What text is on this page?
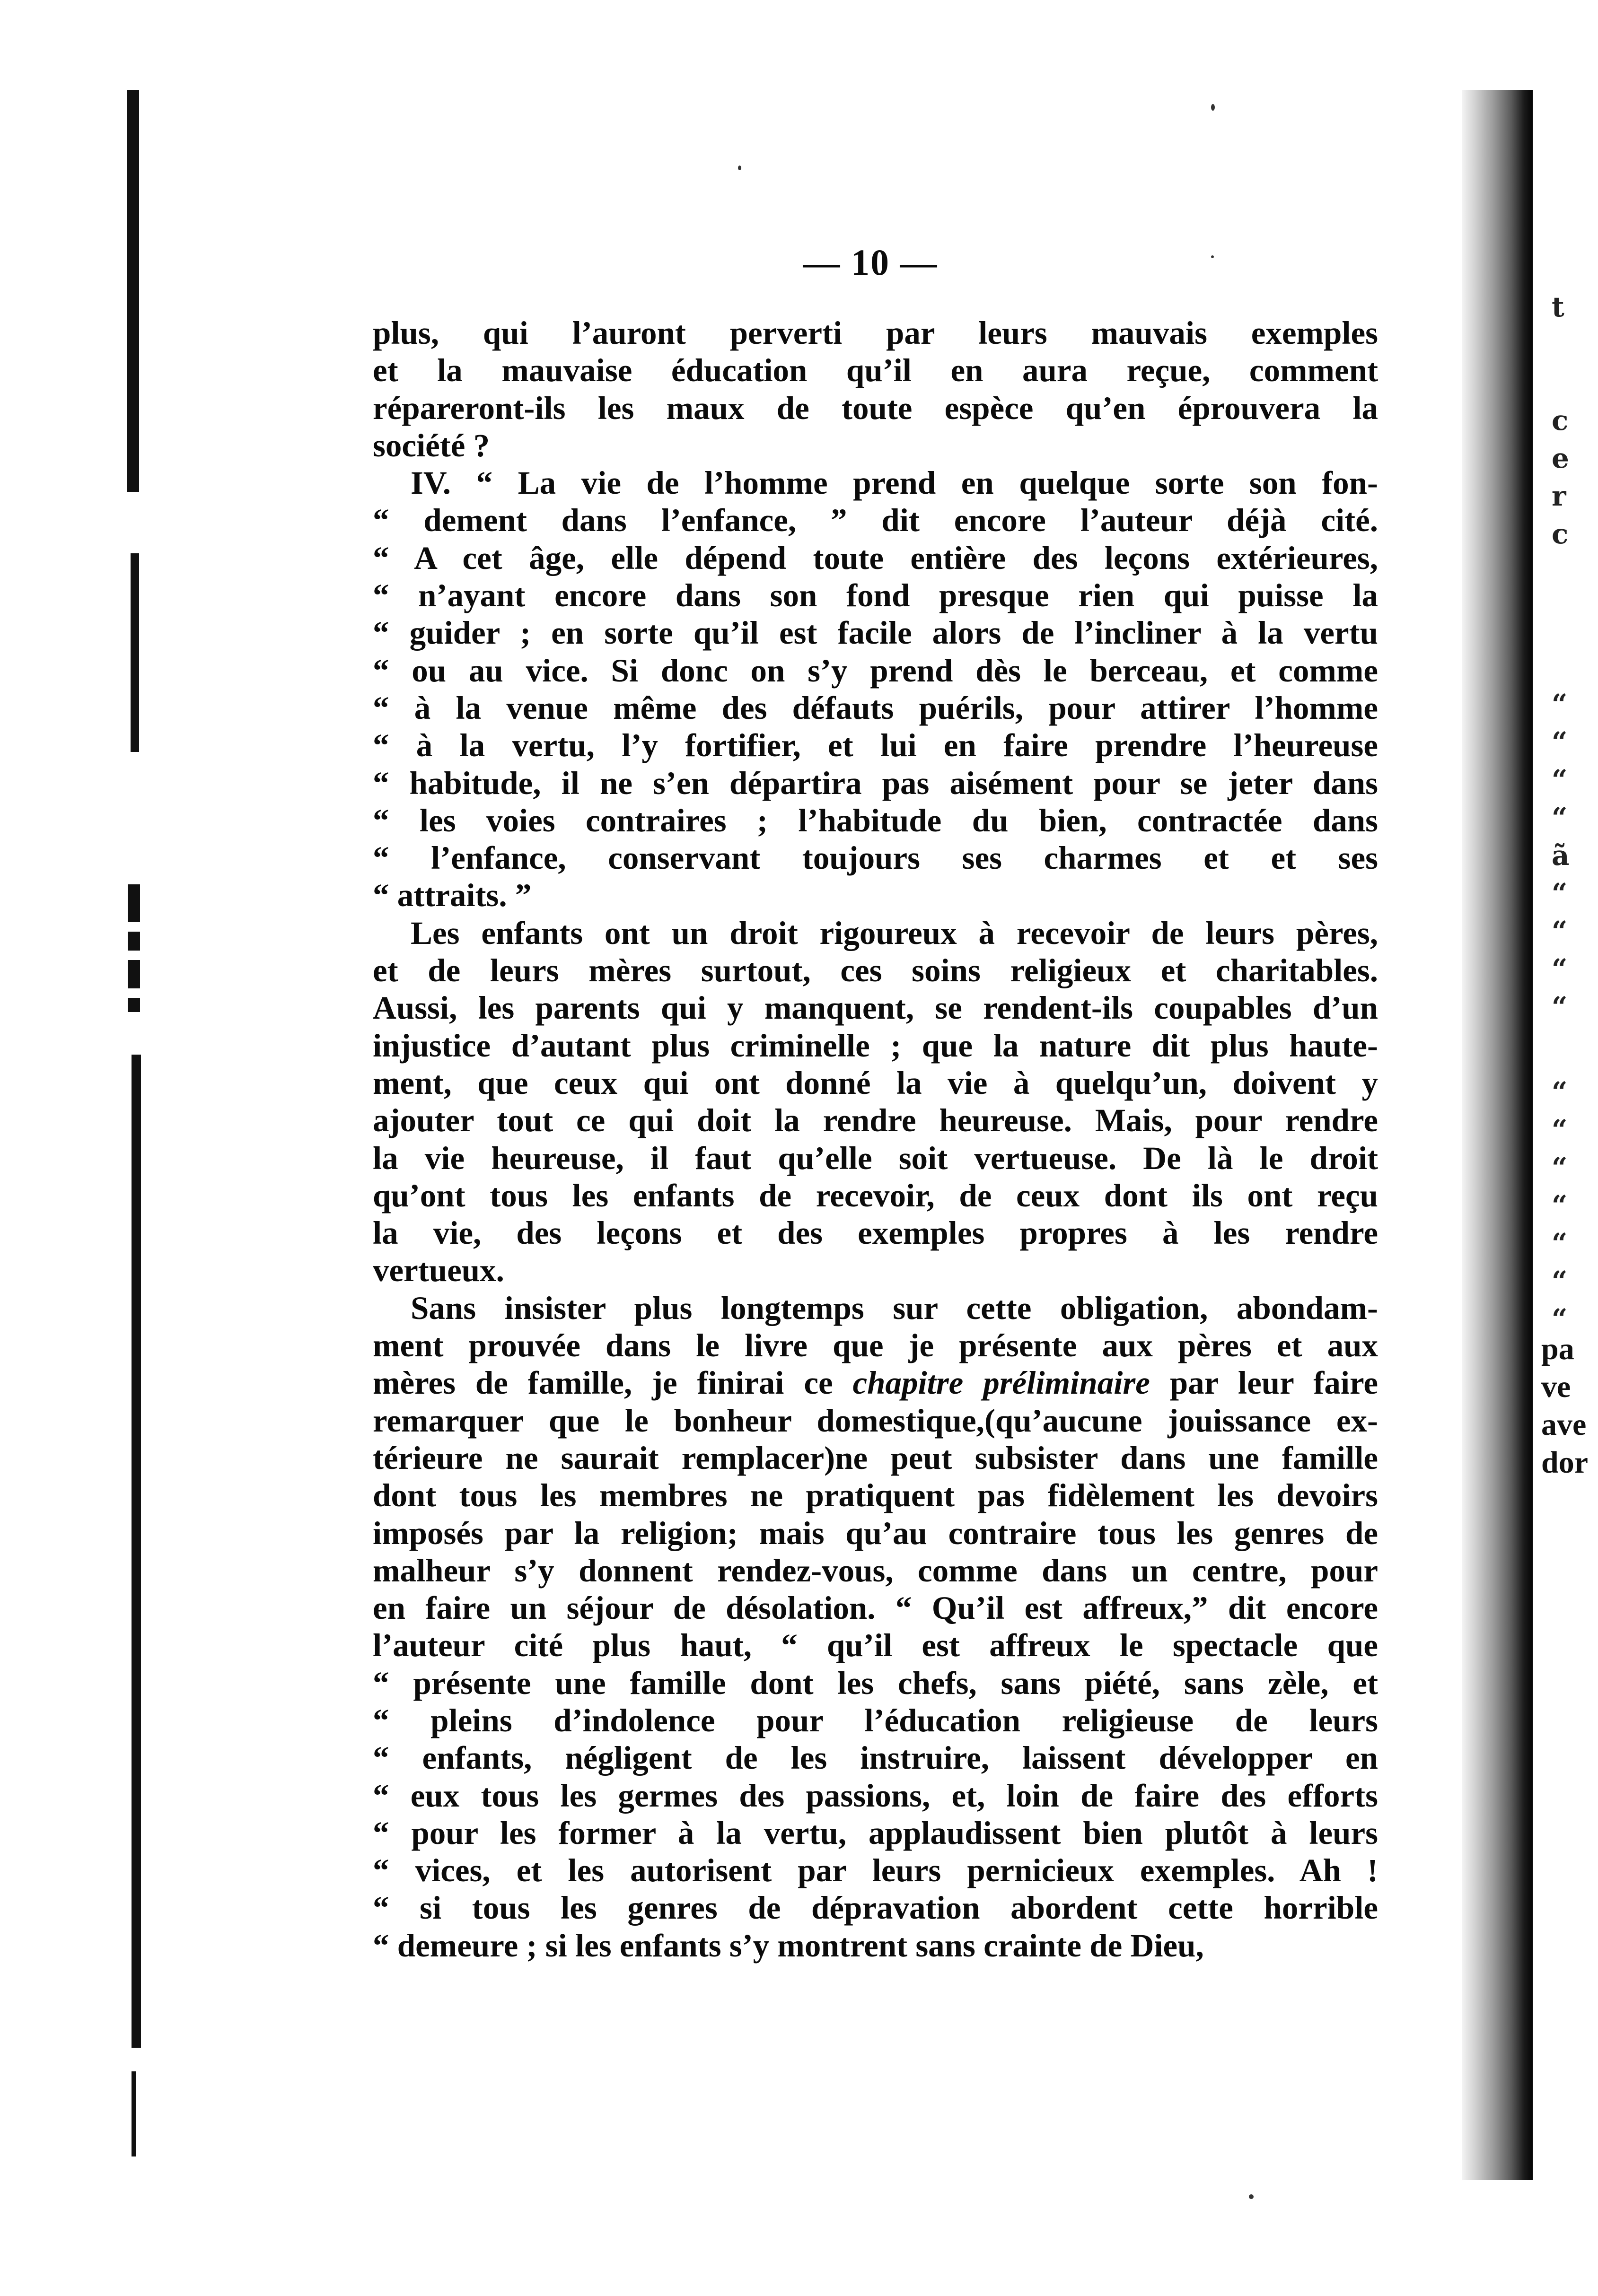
t
c
e
r
c
“
“
“
“
ã
“
“
“
“
“
“
“
“
“
“
“
pa
ve
ave
dor
— 10 —
plus, qui l’auront perverti par leurs mauvais exemples
et la mauvaise éducation qu’il en aura reçue, comment
répareront-ils les maux de toute espèce qu’en éprouvera la
société ?
IV. “ La vie de l’homme prend en quelque sorte son fon-
“ dement dans l’enfance, ” dit encore l’auteur déjà cité.
“ A cet âge, elle dépend toute entière des leçons extérieures,
“ n’ayant encore dans son fond presque rien qui puisse la
“ guider ; en sorte qu’il est facile alors de l’incliner à la vertu
“ ou au vice. Si donc on s’y prend dès le berceau, et comme
“ à la venue même des défauts puérils, pour attirer l’homme
“ à la vertu, l’y fortifier, et lui en faire prendre l’heureuse
“ habitude, il ne s’en départira pas aisément pour se jeter dans
“ les voies contraires ; l’habitude du bien, contractée dans
“ l’enfance, conservant toujours ses charmes et et ses
“ attraits. ”
Les enfants ont un droit rigoureux à recevoir de leurs pères,
et de leurs mères surtout, ces soins religieux et charitables.
Aussi, les parents qui y manquent, se rendent-ils coupables d’un
injustice d’autant plus criminelle ; que la nature dit plus haute-
ment, que ceux qui ont donné la vie à quelqu’un, doivent y
ajouter tout ce qui doit la rendre heureuse. Mais, pour rendre
la vie heureuse, il faut qu’elle soit vertueuse. De là le droit
qu’ont tous les enfants de recevoir, de ceux dont ils ont reçu
la vie, des leçons et des exemples propres à les rendre
vertueux.
Sans insister plus longtemps sur cette obligation, abondam-
ment prouvée dans le livre que je présente aux pères et aux
mères de famille, je finirai ce chapitre préliminaire par leur faire
remarquer que le bonheur domestique,(qu’aucune jouissance ex-
térieure ne saurait remplacer)ne peut subsister dans une famille
dont tous les membres ne pratiquent pas fidèlement les devoirs
imposés par la religion; mais qu’au contraire tous les genres de
malheur s’y donnent rendez-vous, comme dans un centre, pour
en faire un séjour de désolation. “ Qu’il est affreux,” dit encore
l’auteur cité plus haut, “ qu’il est affreux le spectacle que
“ présente une famille dont les chefs, sans piété, sans zèle, et
“ pleins d’indolence pour l’éducation religieuse de leurs
“ enfants, négligent de les instruire, laissent développer en
“ eux tous les germes des passions, et, loin de faire des efforts
“ pour les former à la vertu, applaudissent bien plutôt à leurs
“ vices, et les autorisent par leurs pernicieux exemples. Ah !
“ si tous les genres de dépravation abordent cette horrible
“ demeure ; si les enfants s’y montrent sans crainte de Dieu,
